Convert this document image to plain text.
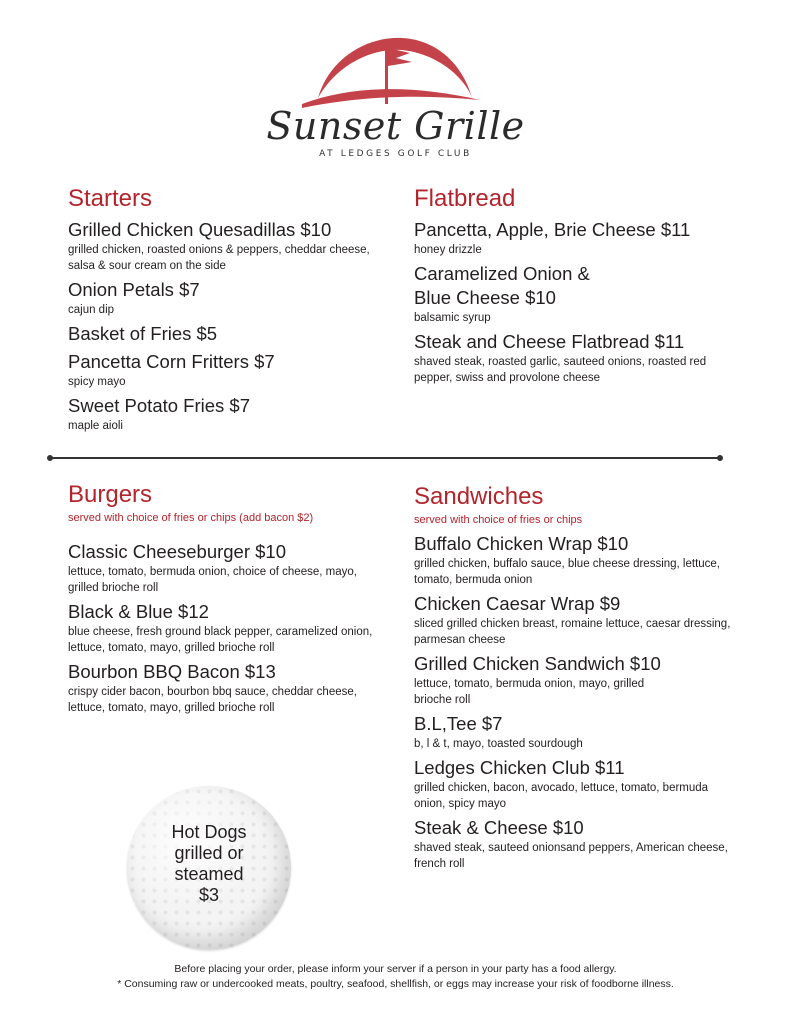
Sunset Grille
AT LEDGES GOLF CLUB
Starters
Grilled Chicken Quesadillas $10
grilled chicken, roasted onions & peppers, cheddar cheese, salsa & sour cream on the side
Onion Petals $7
cajun dip
Basket of Fries $5
Pancetta Corn Fritters $7
spicy mayo
Sweet Potato Fries $7
maple aioli
Flatbread
Pancetta, Apple, Brie Cheese $11
honey drizzle
Caramelized Onion & Blue Cheese $10
balsamic syrup
Steak and Cheese Flatbread $11
shaved steak, roasted garlic, sauteed onions, roasted red pepper, swiss and provolone cheese
Burgers
served with choice of fries or chips (add bacon $2)
Classic Cheeseburger $10
lettuce, tomato, bermuda onion, choice of cheese, mayo, grilled brioche roll
Black & Blue $12
blue cheese, fresh ground black pepper, caramelized onion, lettuce, tomato, mayo, grilled brioche roll
Bourbon BBQ Bacon $13
crispy cider bacon, bourbon bbq sauce, cheddar cheese, lettuce, tomato, mayo, grilled brioche roll
Sandwiches
served with choice of fries or chips
Buffalo Chicken Wrap $10
grilled chicken, buffalo sauce, blue cheese dressing, lettuce, tomato, bermuda onion
Chicken Caesar Wrap $9
sliced grilled chicken breast, romaine lettuce, caesar dressing, parmesan cheese
Grilled Chicken Sandwich $10
lettuce, tomato, bermuda onion, mayo, grilled brioche roll
B.L,Tee $7
b, l & t, mayo, toasted sourdough
Ledges Chicken Club $11
grilled chicken, bacon, avocado, lettuce, tomato, bermuda onion, spicy mayo
Steak & Cheese $10
shaved steak, sauteed onionsand peppers, American cheese, french roll
Hot Dogs
grilled or
steamed
$3
Before placing your order, please inform your server if a person in your party has a food allergy.
* Consuming raw or undercooked meats, poultry, seafood, shellfish, or eggs may increase your risk of foodborne illness.
